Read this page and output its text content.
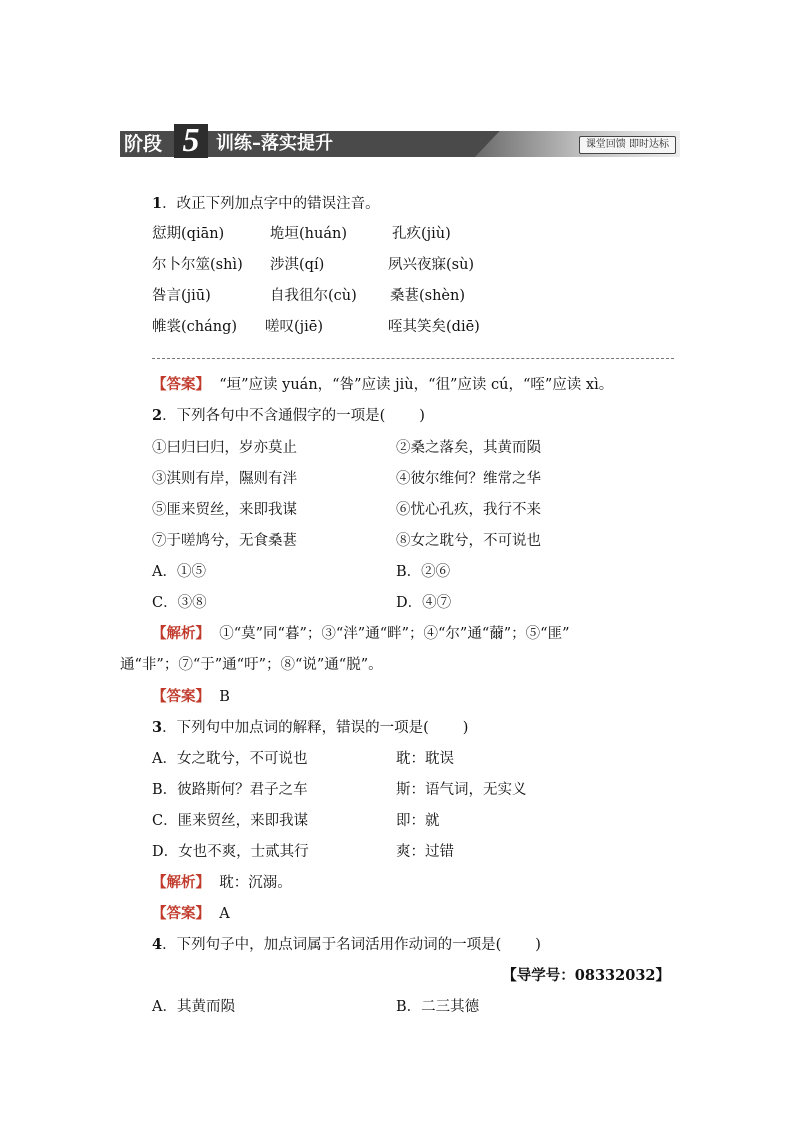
阶段 5 训练–落实提升	课堂回馈 即时达标
1．改正下列加点字中的错误注音。
愆期(qiān)	垝垣(huán)	孔疚(jiù)
尔卜尔筮(shì) 涉淇(qí)	夙兴夜寐(sù)
咎言(jiū)	自我徂尔(cù) 桑葚(shèn)
帷裳(cháng) 嗟叹(jiē)	咥其笑矣(diē)
【答案】 “垣”应读 yuán，“咎”应读 jiù，“徂”应读 cú，“咥”应读 xì。
2．下列各句中不含通假字的一项是( )
①曰归曰归，岁亦莫止	②桑之落矣，其黄而陨
③淇则有岸，隰则有泮	④彼尔维何？维常之华
⑤匪来贸丝，来即我谋	⑥忧心孔疚，我行不来
⑦于嗟鸠兮，无食桑葚	⑧女之耽兮，不可说也
A．①⑤	B．②⑥
C．③⑧	D．④⑦
【解析】 ①“莫”同“暮”；③“泮”通“畔”；④“尔”通“薾”；⑤“匪”
通“非”；⑦“于”通“吁”；⑧“说”通“脱”。
【答案】 B
3．下列句中加点词的解释，错误的一项是( )
A．女之耽兮，不可说也	耽：耽误
B．彼路斯何？君子之车	斯：语气词，无实义
C．匪来贸丝，来即我谋	即：就
D．女也不爽，士贰其行	爽：过错
【解析】 耽：沉溺。
【答案】 A
4．下列句子中，加点词属于名词活用作动词的一项是( )
【导学号：08332032】
A．其黄而陨	B．二三其德
